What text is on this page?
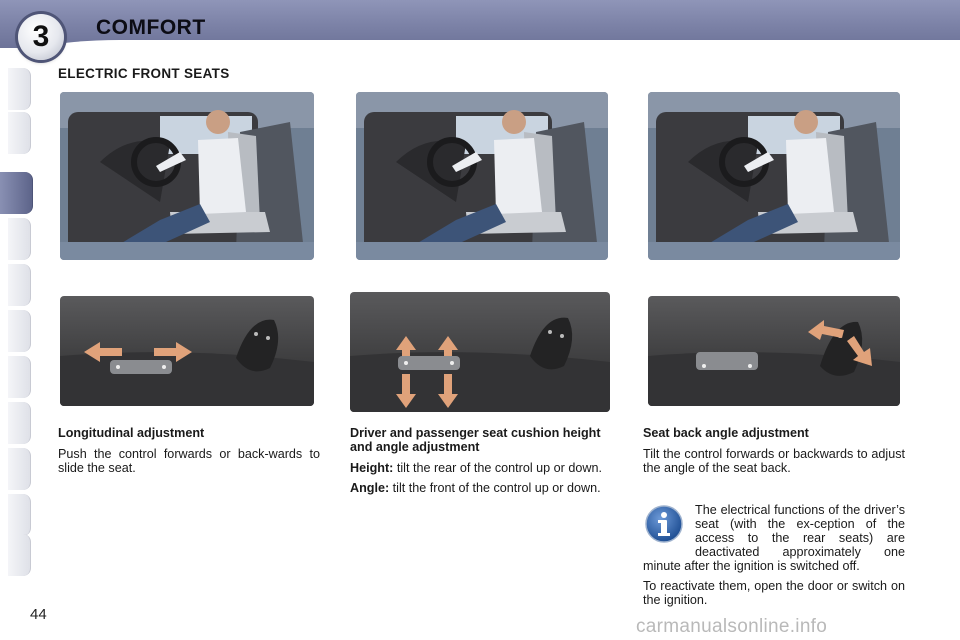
3	COMFORT
ELECTRIC FRONT SEATS
Longitudinal adjustment

Push the control forwards or back-wards to slide the seat.

Driver and passenger seat cushion height and angle adjustment

Height: tilt the rear of the control up or down.

Angle: tilt the front of the control up or down.

Seat back angle adjustment

Tilt the control forwards or backwards to adjust the angle of the seat back.

The electrical functions of the driver’s seat (with the ex-ception of the access to the rear seats) are deactivated approximately one minute after the ignition is switched off.

To reactivate them, open the door or switch on the ignition.

44
carmanualsonline.info
